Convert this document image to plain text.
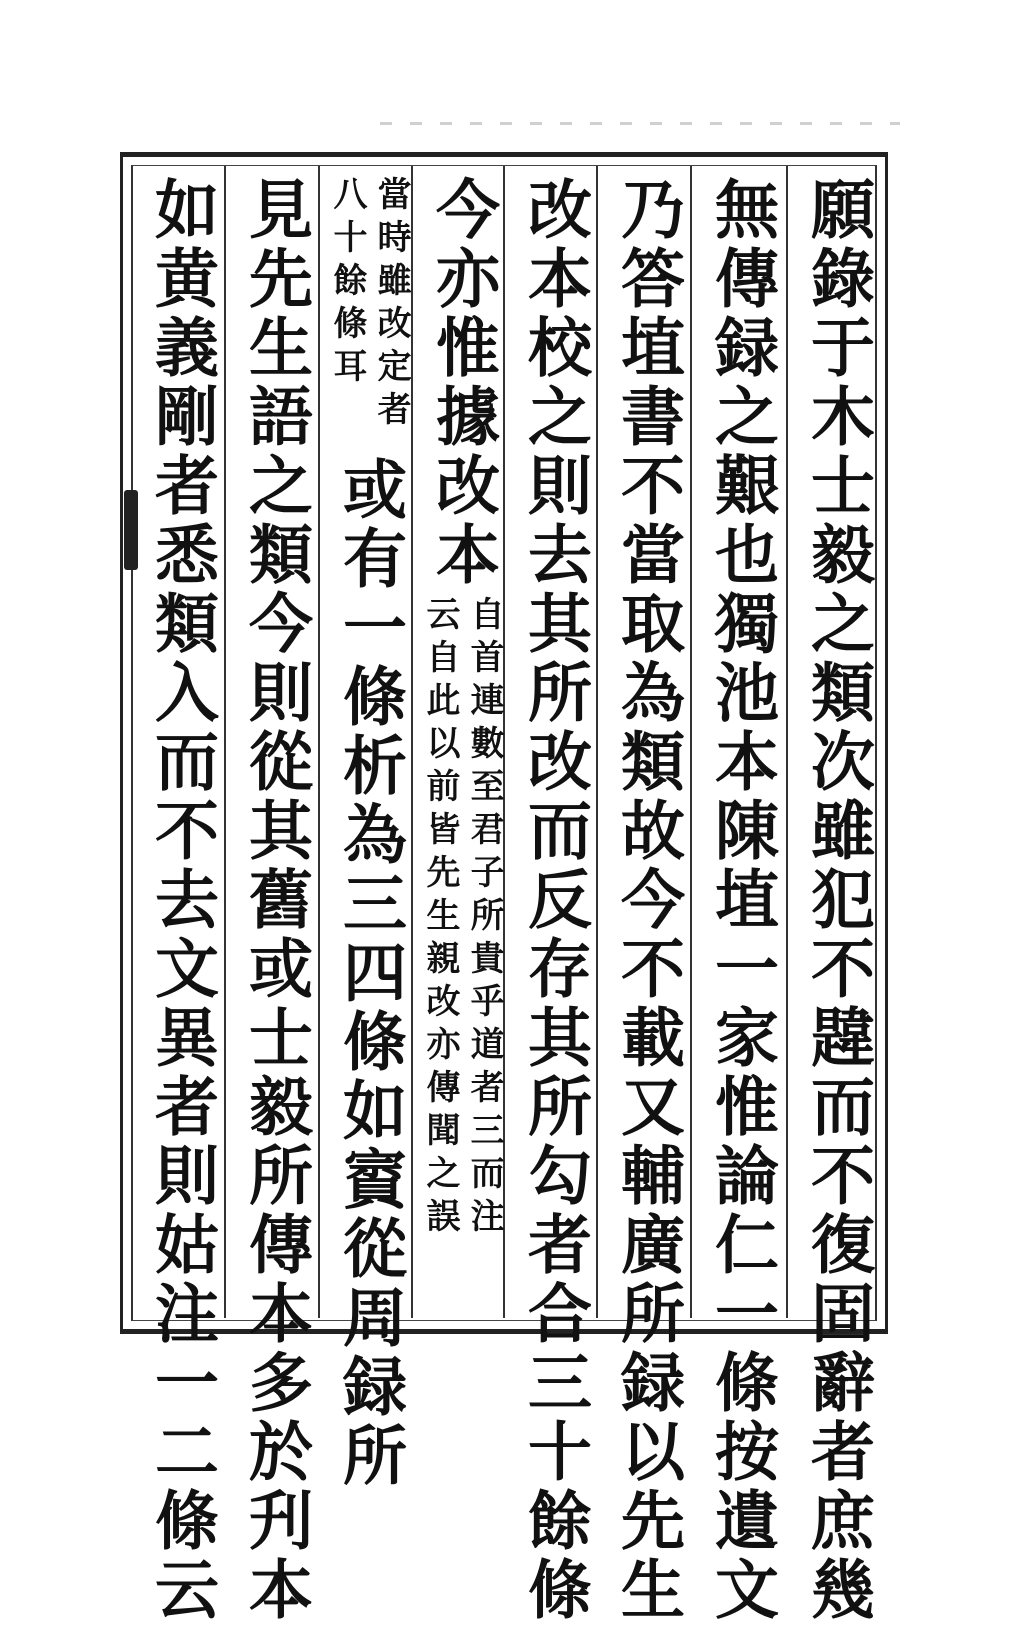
願錄于木士毅之類次雖犯不韙而不復固辭者庶幾
無傳録之艱也獨池本陳埴一家惟論仁一條按遺文
乃答埴書不當取為類故今不載又輔廣所録以先生
改本校之則去其所改而反存其所勾者合三十餘條
今亦惟據改本
自首連數至君子所貴乎道者三而注
云自此以前皆先生親改亦傳聞之誤
當時雖改定者
八十餘條耳
或有一條析為三四條如賨從周録所
見先生語之類今則從其舊或士毅所傳本多於刋本
如黄義剛者悉類入而不去文異者則姑注一二條云
